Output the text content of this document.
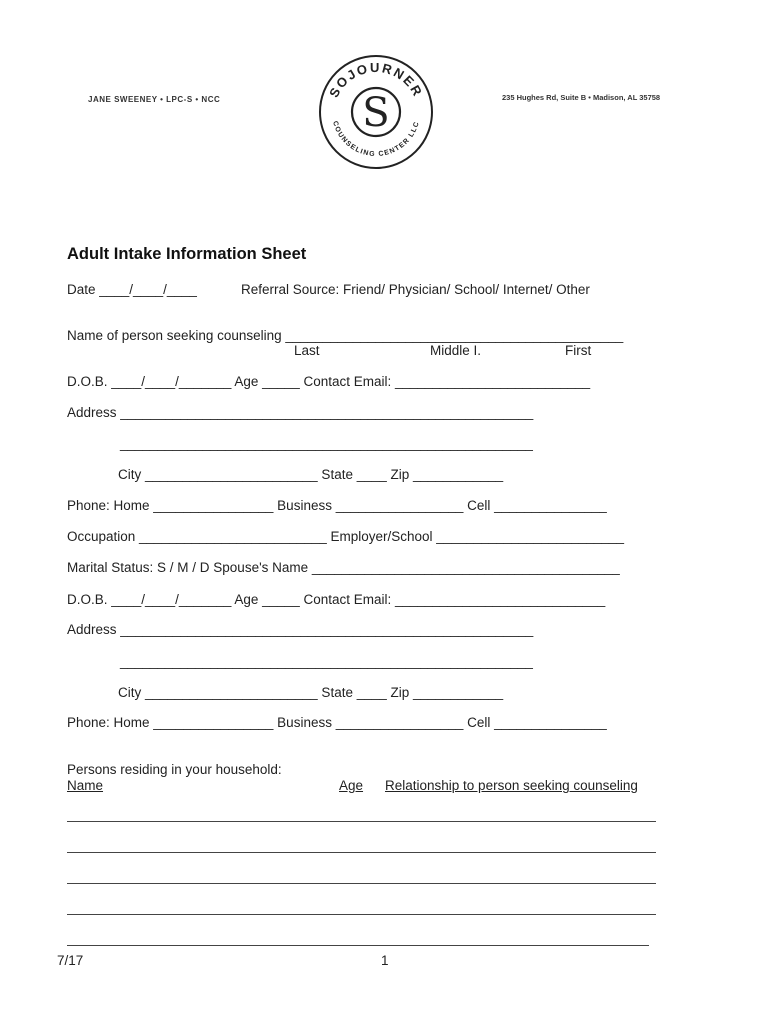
JANE SWEENEY • LPC-S • NCC	SOJOURNER
COUNSELING CENTER LLC
S	235 Hughes Rd, Suite B • Madison, AL 35758
Adult Intake Information Sheet
Date ____/____/____	Referral Source: Friend/ Physician/ School/ Internet/ Other
Name of person seeking counseling _____________________________________________
Last	Middle I.	First
D.O.B. ____/____/_______ Age _____ Contact Email: __________________________
Address _______________________________________________________
_______________________________________________________
City _______________________ State ____ Zip ____________
Phone: Home ________________ Business _________________ Cell _______________
Occupation _________________________ Employer/School _________________________
Marital Status: S / M / D Spouse's Name _________________________________________
D.O.B. ____/____/_______ Age _____ Contact Email: ____________________________
Address _______________________________________________________
_______________________________________________________
City _______________________ State ____ Zip ____________
Phone: Home ________________ Business _________________ Cell _______________
Persons residing in your household:
Name	Age Relationship to person seeking counseling
7/17	1
